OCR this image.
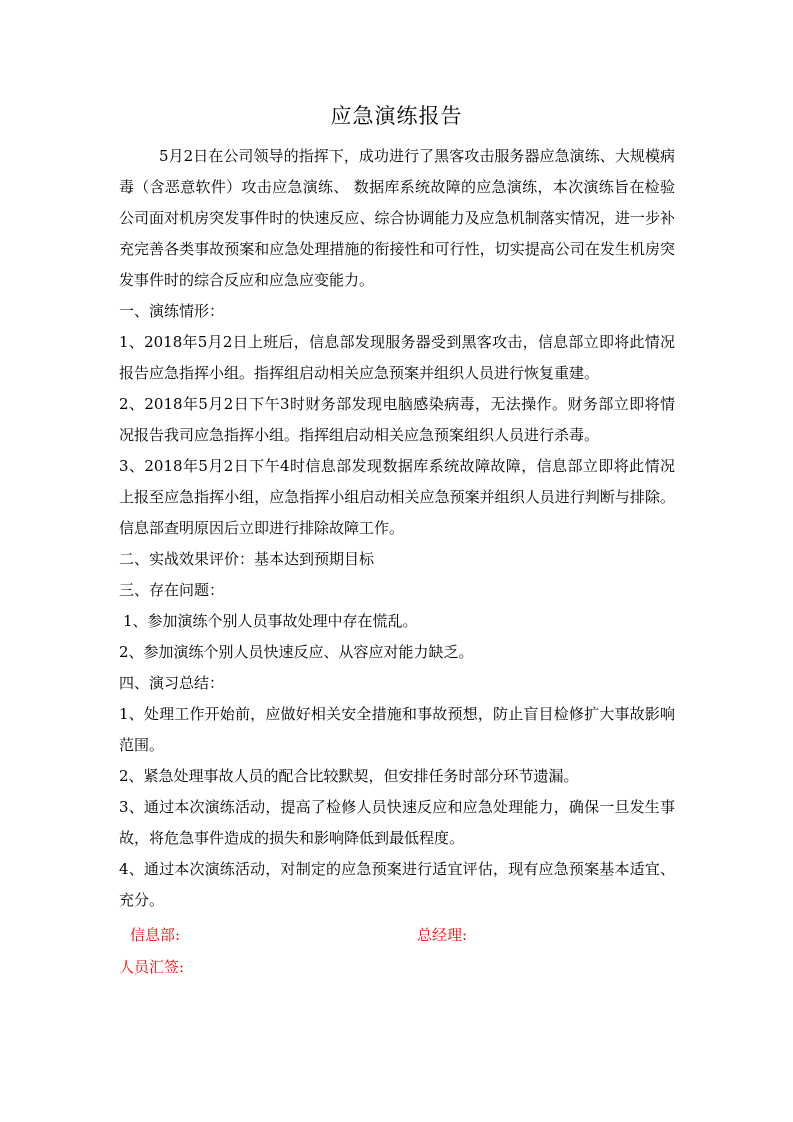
应急演练报告

5月2日在公司领导的指挥下，成功进行了黑客攻击服务器应急演练、大规模病毒（含恶意软件）攻击应急演练、 数据库系统故障的应急演练，本次演练旨在检验公司面对机房突发事件时的快速反应、综合协调能力及应急机制落实情况，进一步补充完善各类事故预案和应急处理措施的衔接性和可行性，切实提高公司在发生机房突发事件时的综合反应和应急应变能力。

一、演练情形：

1、2018年5月2日上班后，信息部发现服务器受到黑客攻击，信息部立即将此情况报告应急指挥小组。指挥组启动相关应急预案并组织人员进行恢复重建。

2、2018年5月2日下午3时财务部发现电脑感染病毒，无法操作。财务部立即将情况报告我司应急指挥小组。指挥组启动相关应急预案组织人员进行杀毒。

3、2018年5月2日下午4时信息部发现数据库系统故障故障，信息部立即将此情况上报至应急指挥小组，应急指挥小组启动相关应急预案并组织人员进行判断与排除。信息部查明原因后立即进行排除故障工作。

二、实战效果评价：基本达到预期目标

三、存在问题：

1、参加演练个别人员事故处理中存在慌乱。

2、参加演练个别人员快速反应、从容应对能力缺乏。

四、演习总结：

1、处理工作开始前，应做好相关安全措施和事故预想，防止盲目检修扩大事故影响范围。

2、紧急处理事故人员的配合比较默契，但安排任务时部分环节遗漏。

3、通过本次演练活动，提高了检修人员快速反应和应急处理能力，确保一旦发生事故，将危急事件造成的损失和影响降低到最低程度。

4、通过本次演练活动，对制定的应急预案进行适宜评估，现有应急预案基本适宜、充分。

信息部:	总经理:
人员汇签:
